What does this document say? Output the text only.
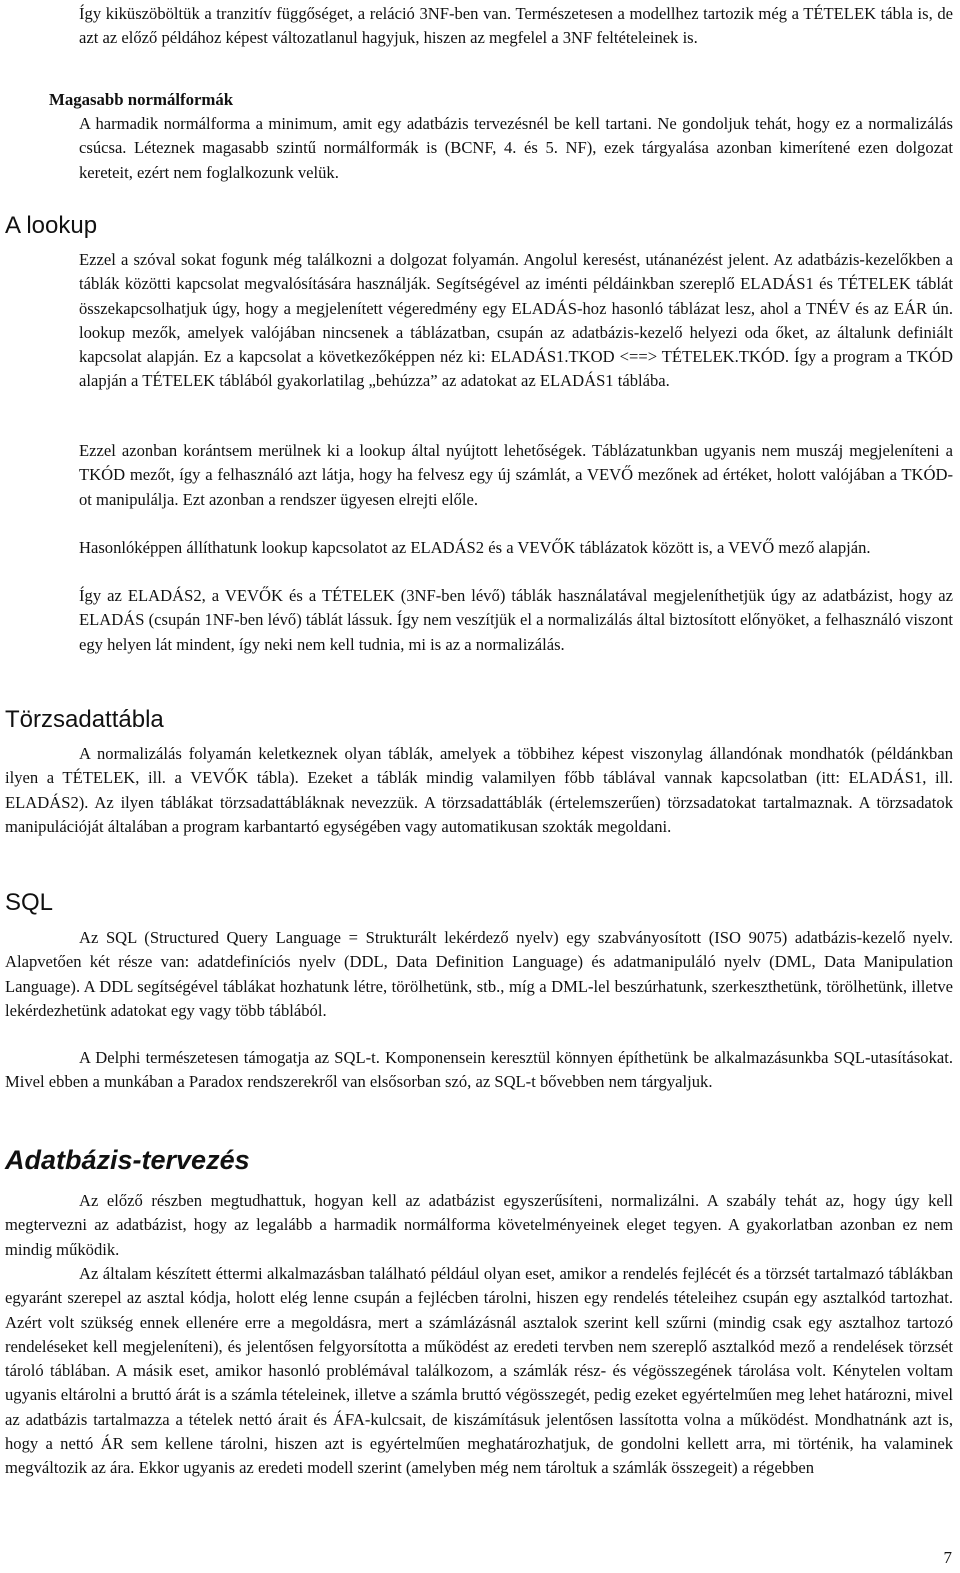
Így kiküszöböltük a tranzitív függőséget, a reláció 3NF-ben van. Természetesen a modellhez tartozik még a TÉTELEK tábla is, de azt az előző példához képest változatlanul hagyjuk, hiszen az megfelel a 3NF feltételeinek is.

Magasabb normálformák

A harmadik normálforma a minimum, amit egy adatbázis tervezésnél be kell tartani. Ne gondoljuk tehát, hogy ez a normalizálás csúcsa. Léteznek magasabb szintű normálformák is (BCNF, 4. és 5. NF), ezek tárgyalása azonban kimerítené ezen dolgozat kereteit, ezért nem foglalkozunk velük.

A lookup

Ezzel a szóval sokat fogunk még találkozni a dolgozat folyamán. Angolul keresést, utánanézést jelent. Az adatbázis-kezelőkben a táblák közötti kapcsolat megvalósítására használják. Segítségével az iménti példáinkban szereplő ELADÁS1 és TÉTELEK táblát összekapcsolhatjuk úgy, hogy a megjelenített végeredmény egy ELADÁS-hoz hasonló táblázat lesz, ahol a TNÉV és az EÁR ún. lookup mezők, amelyek valójában nincsenek a táblázatban, csupán az adatbázis-kezelő helyezi oda őket, az általunk definiált kapcsolat alapján. Ez a kapcsolat a következőképpen néz ki: ELADÁS1.TKOD <==> TÉTELEK.TKÓD. Így a program a TKÓD alapján a TÉTELEK táblából gyakorlatilag „behúzza” az adatokat az ELADÁS1 táblába.

Ezzel azonban korántsem merülnek ki a lookup által nyújtott lehetőségek. Táblázatunkban ugyanis nem muszáj megjeleníteni a TKÓD mezőt, így a felhasználó azt látja, hogy ha felvesz egy új számlát, a VEVŐ mezőnek ad értéket, holott valójában a TKÓD-ot manipulálja. Ezt azonban a rendszer ügyesen elrejti előle.

Hasonlóképpen állíthatunk lookup kapcsolatot az ELADÁS2 és a VEVŐK táblázatok között is, a VEVŐ mező alapján.

Így az ELADÁS2, a VEVŐK és a TÉTELEK (3NF-ben lévő) táblák használatával megjeleníthetjük úgy az adatbázist, hogy az ELADÁS (csupán 1NF-ben lévő) táblát lássuk. Így nem veszítjük el a normalizálás által biztosított előnyöket, a felhasználó viszont egy helyen lát mindent, így neki nem kell tudnia, mi is az a normalizálás.

Törzsadattábla

A normalizálás folyamán keletkeznek olyan táblák, amelyek a többihez képest viszonylag állandónak mondhatók (példánkban ilyen a TÉTELEK, ill. a VEVŐK tábla). Ezeket a táblák mindig valamilyen főbb táblával vannak kapcsolatban (itt: ELADÁS1, ill. ELADÁS2). Az ilyen táblákat törzsadattábláknak nevezzük. A törzsadattáblák (értelemszerűen) törzsadatokat tartalmaznak. A törzsadatok manipulációját általában a program karbantartó egységében vagy automatikusan szokták megoldani.

SQL

Az SQL (Structured Query Language = Strukturált lekérdező nyelv) egy szabványosított (ISO 9075) adatbázis-kezelő nyelv. Alapvetően két része van: adatdefiníciós nyelv (DDL, Data Definition Language) és adatmanipuláló nyelv (DML, Data Manipulation Language). A DDL segítségével táblákat hozhatunk létre, törölhetünk, stb., míg a DML-lel beszúrhatunk, szerkeszthetünk, törölhetünk, illetve lekérdezhetünk adatokat egy vagy több táblából.

A Delphi természetesen támogatja az SQL-t. Komponensein keresztül könnyen építhetünk be alkalmazásunkba SQL-utasításokat. Mivel ebben a munkában a Paradox rendszerekről van elsősorban szó, az SQL-t bővebben nem tárgyaljuk.

Adatbázis-tervezés

Az előző részben megtudhattuk, hogyan kell az adatbázist egyszerűsíteni, normalizálni. A szabály tehát az, hogy úgy kell megtervezni az adatbázist, hogy az legalább a harmadik normálforma követelményeinek eleget tegyen. A gyakorlatban azonban ez nem mindig működik.

Az általam készített éttermi alkalmazásban található például olyan eset, amikor a rendelés fejlécét és a törzsét tartalmazó táblákban egyaránt szerepel az asztal kódja, holott elég lenne csupán a fejlécben tárolni, hiszen egy rendelés tételeihez csupán egy asztalkód tartozhat. Azért volt szükség ennek ellenére erre a megoldásra, mert a számlázásnál asztalok szerint kell szűrni (mindig csak egy asztalhoz tartozó rendeléseket kell megjeleníteni), és jelentősen felgyorsította a működést az eredeti tervben nem szereplő asztalkód mező a rendelések törzsét tároló táblában. A másik eset, amikor hasonló problémával találkozom, a számlák rész- és végösszegének tárolása volt. Kénytelen voltam ugyanis eltárolni a bruttó árát is a számla tételeinek, illetve a számla bruttó végösszegét, pedig ezeket egyértelműen meg lehet határozni, mivel az adatbázis tartalmazza a tételek nettó árait és ÁFA-kulcsait, de kiszámításuk jelentősen lassította volna a működést. Mondhatnánk azt is, hogy a nettó ÁR sem kellene tárolni, hiszen azt is egyértelműen meghatározhatjuk, de gondolni kellett arra, mi történik, ha valaminek megváltozik az ára. Ekkor ugyanis az eredeti modell szerint (amelyben még nem tároltuk a számlák összegeit) a régebben

7
